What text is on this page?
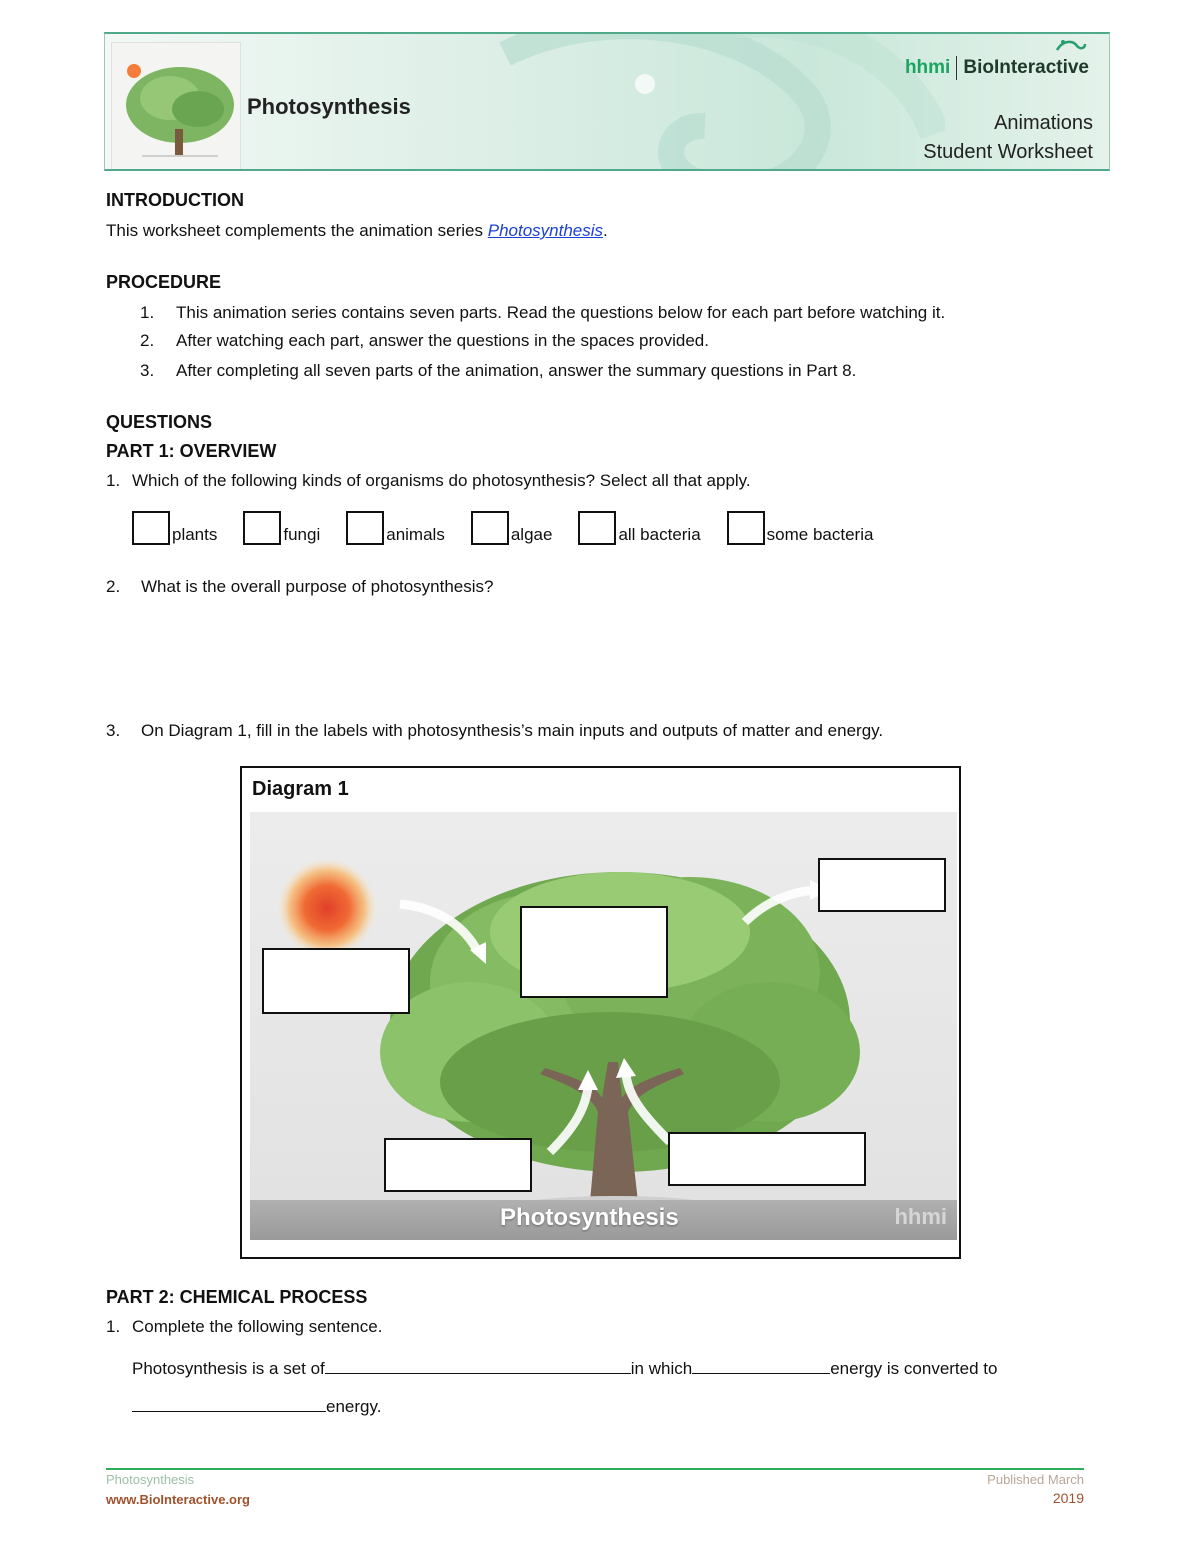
Photosynthesis
hhmi BioInteractive
Animations
Student Worksheet
INTRODUCTION
This worksheet complements the animation series Photosynthesis.
PROCEDURE
1. This animation series contains seven parts. Read the questions below for each part before watching it.
2. After watching each part, answer the questions in the spaces provided.
3. After completing all seven parts of the animation, answer the summary questions in Part 8.
QUESTIONS
PART 1: OVERVIEW
1. Which of the following kinds of organisms do photosynthesis? Select all that apply.
plants	fungi	animals	algae	all bacteria	some bacteria
2. What is the overall purpose of photosynthesis?
3. On Diagram 1, fill in the labels with photosynthesis’s main inputs and outputs of matter and energy.
Diagram 1
Photosynthesis	hhmi
PART 2: CHEMICAL PROCESS
1. Complete the following sentence.
Photosynthesis is a set of	in which	energy is converted to
energy.
Photosynthesis
www.BioInteractive.org
Published March
2019
